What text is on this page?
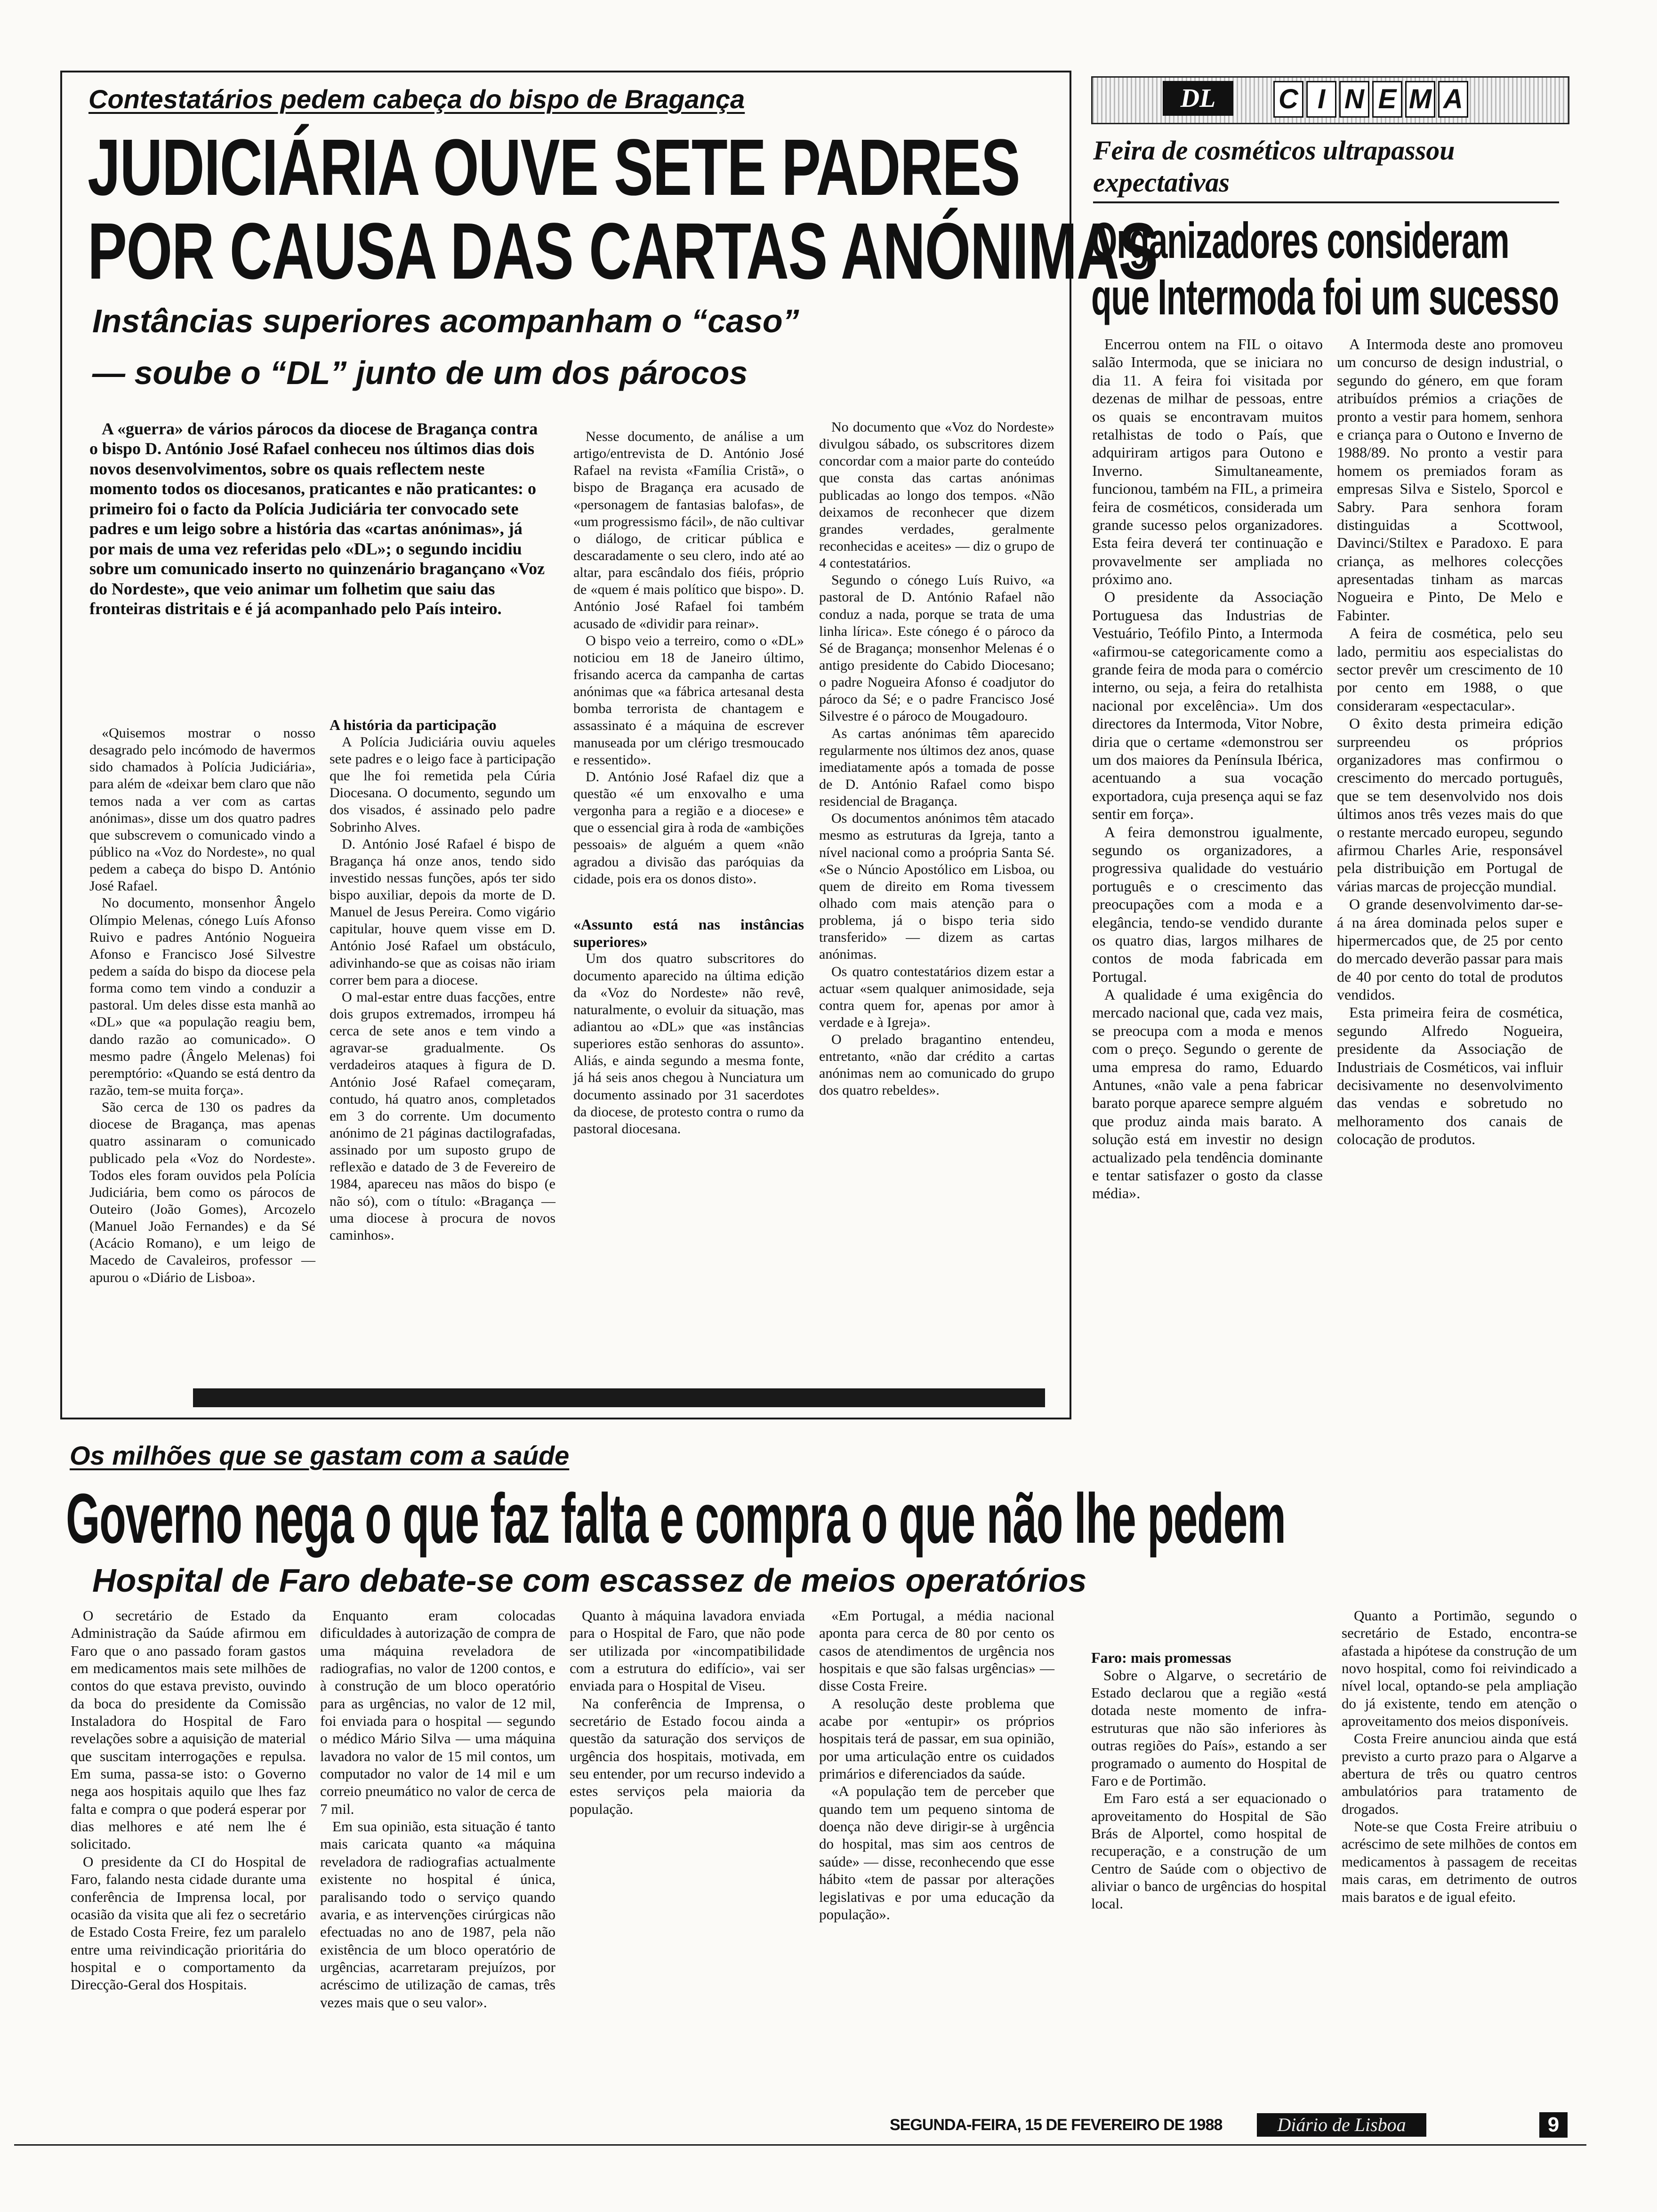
Contestatários pedem cabeça do bispo de Bragança
JUDICIÁRIA OUVE SETE PADRES
POR CAUSA DAS CARTAS ANÓNIMAS
Instâncias superiores acompanham o “caso”
— soube o “DL” junto de um dos párocos

A «guerra» de vários párocos da diocese de Bragança contra o bispo D. António José Rafael conheceu nos últimos dias dois novos desenvolvimentos, sobre os quais reflectem neste momento todos os diocesanos, praticantes e não praticantes: o primeiro foi o facto da Polícia Judiciária ter convocado sete padres e um leigo sobre a história das «cartas anónimas», já por mais de uma vez referidas pelo «DL»; o segundo incidiu sobre um comunicado inserto no quinzenário bragançano «Voz do Nordeste», que veio animar um folhetim que saiu das fronteiras distritais e é já acompanhado pelo País inteiro.

«Quisemos mostrar o nosso desagrado pelo incómodo de havermos sido chamados à Polícia Judiciária», para além de «deixar bem claro que não temos nada a ver com as cartas anónimas», disse um dos quatro padres que subscrevem o comunicado vindo a público na «Voz do Nordeste», no qual pedem a cabeça do bispo D. António José Rafael.

No documento, monsenhor Ângelo Olímpio Melenas, cónego Luís Afonso Ruivo e padres António Nogueira Afonso e Francisco José Silvestre pedem a saída do bispo da diocese pela forma como tem vindo a conduzir a pastoral. Um deles disse esta manhã ao «DL» que «a população reagiu bem, dando razão ao comunicado». O mesmo padre (Ângelo Melenas) foi peremptório: «Quando se está dentro da razão, tem-se muita força».

São cerca de 130 os padres da diocese de Bragança, mas apenas quatro assinaram o comunicado publicado pela «Voz do Nordeste». Todos eles foram ouvidos pela Polícia Judiciária, bem como os párocos de Outeiro (João Gomes), Arcozelo (Manuel João Fernandes) e da Sé (Acácio Romano), e um leigo de Macedo de Cavaleiros, professor — apurou o «Diário de Lisboa».

A história da participação

A Polícia Judiciária ouviu aqueles sete padres e o leigo face à participação que lhe foi remetida pela Cúria Diocesana. O documento, segundo um dos visados, é assinado pelo padre Sobrinho Alves.

D. António José Rafael é bispo de Bragança há onze anos, tendo sido investido nessas funções, após ter sido bispo auxiliar, depois da morte de D. Manuel de Jesus Pereira. Como vigário capitular, houve quem visse em D. António José Rafael um obstáculo, adivinhando-se que as coisas não iriam correr bem para a diocese.

O mal-estar entre duas facções, entre dois grupos extremados, irrompeu há cerca de sete anos e tem vindo a agravar-se gradualmente. Os verdadeiros ataques à figura de D. António José Rafael começaram, contudo, há quatro anos, completados em 3 do corrente. Um documento anónimo de 21 páginas dactilografadas, assinado por um suposto grupo de reflexão e datado de 3 de Fevereiro de 1984, apareceu nas mãos do bispo (e não só), com o título: «Bragança — uma diocese à procura de novos caminhos».

Nesse documento, de análise a um artigo/entrevista de D. António José Rafael na revista «Família Cristã», o bispo de Bragança era acusado de «personagem de fantasias balofas», de «um progressismo fácil», de não cultivar o diálogo, de criticar pública e descaradamente o seu clero, indo até ao altar, para escândalo dos fiéis, próprio de «quem é mais político que bispo». D. António José Rafael foi também acusado de «dividir para reinar».

O bispo veio a terreiro, como o «DL» noticiou em 18 de Janeiro último, frisando acerca da campanha de cartas anónimas que «a fábrica artesanal desta bomba terrorista de chantagem e assassinato é a máquina de escrever manuseada por um clérigo tresmoucado e ressentido».

D. António José Rafael diz que a questão «é um enxovalho e uma vergonha para a região e a diocese» e que o essencial gira à roda de «ambições pessoais» de alguém a quem «não agradou a divisão das paróquias da cidade, pois era os donos disto».

«Assunto está nas instâncias superiores»

Um dos quatro subscritores do documento aparecido na última edição da «Voz do Nordeste» não revê, naturalmente, o evoluir da situação, mas adiantou ao «DL» que «as instâncias superiores estão senhoras do assunto». Aliás, e ainda segundo a mesma fonte, já há seis anos chegou à Nunciatura um documento assinado por 31 sacerdotes da diocese, de protesto contra o rumo da pastoral diocesana.

No documento que «Voz do Nordeste» divulgou sábado, os subscritores dizem concordar com a maior parte do conteúdo que consta das cartas anónimas publicadas ao longo dos tempos. «Não deixamos de reconhecer que dizem grandes verdades, geralmente reconhecidas e aceites» — diz o grupo de 4 contestatários.

Segundo o cónego Luís Ruivo, «a pastoral de D. António Rafael não conduz a nada, porque se trata de uma linha lírica». Este cónego é o pároco da Sé de Bragança; monsenhor Melenas é o antigo presidente do Cabido Diocesano; o padre Nogueira Afonso é coadjutor do pároco da Sé; e o padre Francisco José Silvestre é o pároco de Mougadouro.

As cartas anónimas têm aparecido regularmente nos últimos dez anos, quase imediatamente após a tomada de posse de D. António Rafael como bispo residencial de Bragança.

Os documentos anónimos têm atacado mesmo as estruturas da Igreja, tanto a nível nacional como a proópria Santa Sé. «Se o Núncio Apostólico em Lisboa, ou quem de direito em Roma tivessem olhado com mais atenção para o problema, já o bispo teria sido transferido» — dizem as cartas anónimas.

Os quatro contestatários dizem estar a actuar «sem qualquer animosidade, seja contra quem for, apenas por amor à verdade e à Igreja».

O prelado bragantino entendeu, entretanto, «não dar crédito a cartas anónimas nem ao comunicado do grupo dos quatro rebeldes».

DL	C I N E M A
Feira de cosméticos ultrapassou
expectativas
Organizadores consideram
que Intermoda foi um sucesso

Encerrou ontem na FIL o oitavo salão Intermoda, que se iniciara no dia 11. A feira foi visitada por dezenas de milhar de pessoas, entre os quais se encontravam muitos retalhistas de todo o País, que adquiriram artigos para Outono e Inverno. Simultaneamente, funcionou, também na FIL, a primeira feira de cosméticos, considerada um grande sucesso pelos organizadores. Esta feira deverá ter continuação e provavelmente ser ampliada no próximo ano.

O presidente da Associação Portuguesa das Industrias de Vestuário, Teófilo Pinto, a Intermoda «afirmou-se categoricamente como a grande feira de moda para o comércio interno, ou seja, a feira do retalhista nacional por excelência». Um dos directores da Intermoda, Vitor Nobre, diria que o certame «demonstrou ser um dos maiores da Península Ibérica, acentuando a sua vocação exportadora, cuja presença aqui se faz sentir em força».

A feira demonstrou igualmente, segundo os organizadores, a progressiva qualidade do vestuário português e o crescimento das preocupações com a moda e a elegância, tendo-se vendido durante os quatro dias, largos milhares de contos de moda fabricada em Portugal.

A qualidade é uma exigência do mercado nacional que, cada vez mais, se preocupa com a moda e menos com o preço. Segundo o gerente de uma empresa do ramo, Eduardo Antunes, «não vale a pena fabricar barato porque aparece sempre alguém que produz ainda mais barato. A solução está em investir no design actualizado pela tendência dominante e tentar satisfazer o gosto da classe média».

A Intermoda deste ano promoveu um concurso de design industrial, o segundo do género, em que foram atribuídos prémios a criações de pronto a vestir para homem, senhora e criança para o Outono e Inverno de 1988/89. No pronto a vestir para homem os premiados foram as empresas Silva e Sistelo, Sporcol e Sabry. Para senhora foram distinguidas a Scottwool, Davinci/Stiltex e Paradoxo. E para criança, as melhores colecções apresentadas tinham as marcas Nogueira e Pinto, De Melo e Fabinter.

A feira de cosmética, pelo seu lado, permitiu aos especialistas do sector prevêr um crescimento de 10 por cento em 1988, o que consideraram «espectacular».

O êxito desta primeira edição surpreendeu os próprios organizadores mas confirmou o crescimento do mercado português, que se tem desenvolvido nos dois últimos anos três vezes mais do que o restante mercado europeu, segundo afirmou Charles Arie, responsável pela distribuição em Portugal de várias marcas de projecção mundial.

O grande desenvolvimento dar-se-á na área dominada pelos super e hipermercados que, de 25 por cento do mercado deverão passar para mais de 40 por cento do total de produtos vendidos.

Esta primeira feira de cosmética, segundo Alfredo Nogueira, presidente da Associação de Industriais de Cosméticos, vai influir decisivamente no desenvolvimento das vendas e sobretudo no melhoramento dos canais de colocação de produtos.

Os milhões que se gastam com a saúde
Governo nega o que faz falta e compra o que não lhe pedem
Hospital de Faro debate-se com escassez de meios operatórios

O secretário de Estado da Administração da Saúde afirmou em Faro que o ano passado foram gastos em medicamentos mais sete milhões de contos do que estava previsto, ouvindo da boca do presidente da Comissão Instaladora do Hospital de Faro revelações sobre a aquisição de material que suscitam interrogações e repulsa. Em suma, passa-se isto: o Governo nega aos hospitais aquilo que lhes faz falta e compra o que poderá esperar por dias melhores e até nem lhe é solicitado.

O presidente da CI do Hospital de Faro, falando nesta cidade durante uma conferência de Imprensa local, por ocasião da visita que ali fez o secretário de Estado Costa Freire, fez um paralelo entre uma reivindicação prioritária do hospital e o comportamento da Direcção-Geral dos Hospitais.

Enquanto eram colocadas dificuldades à autorização de compra de uma máquina reveladora de radiografias, no valor de 1200 contos, e à construção de um bloco operatório para as urgências, no valor de 12 mil, foi enviada para o hospital — segundo o médico Mário Silva — uma máquina lavadora no valor de 15 mil contos, um computador no valor de 14 mil e um correio pneumático no valor de cerca de 7 mil.

Em sua opinião, esta situação é tanto mais caricata quanto «a máquina reveladora de radiografias actualmente existente no hospital é única, paralisando todo o serviço quando avaria, e as intervenções cirúrgicas não efectuadas no ano de 1987, pela não existência de um bloco operatório de urgências, acarretaram prejuízos, por acréscimo de utilização de camas, três vezes mais que o seu valor».

Quanto à máquina lavadora enviada para o Hospital de Faro, que não pode ser utilizada por «incompatibilidade com a estrutura do edifício», vai ser enviada para o Hospital de Viseu.

Na conferência de Imprensa, o secretário de Estado focou ainda a questão da saturação dos serviços de urgência dos hospitais, motivada, em seu entender, por um recurso indevido a estes serviços pela maioria da população.

«Em Portugal, a média nacional aponta para cerca de 80 por cento os casos de atendimentos de urgência nos hospitais e que são falsas urgências» — disse Costa Freire.

A resolução deste problema que acabe por «entupir» os próprios hospitais terá de passar, em sua opinião, por uma articulação entre os cuidados primários e diferenciados da saúde.

«A população tem de perceber que quando tem um pequeno sintoma de doença não deve dirigir-se à urgência do hospital, mas sim aos centros de saúde» — disse, reconhecendo que esse hábito «tem de passar por alterações legislativas e por uma educação da população».

Faro: mais promessas

Sobre o Algarve, o secretário de Estado declarou que a região «está dotada neste momento de infra-estruturas que não são inferiores às outras regiões do País», estando a ser programado o aumento do Hospital de Faro e de Portimão.

Em Faro está a ser equacionado o aproveitamento do Hospital de São Brás de Alportel, como hospital de recuperação, e a construção de um Centro de Saúde com o objectivo de aliviar o banco de urgências do hospital local.

Quanto a Portimão, segundo o secretário de Estado, encontra-se afastada a hipótese da construção de um novo hospital, como foi reivindicado a nível local, optando-se pela ampliação do já existente, tendo em atenção o aproveitamento dos meios disponíveis.

Costa Freire anunciou ainda que está previsto a curto prazo para o Algarve a abertura de três ou quatro centros ambulatórios para tratamento de drogados.

Note-se que Costa Freire atribuiu o acréscimo de sete milhões de contos em medicamentos à passagem de receitas mais caras, em detrimento de outros mais baratos e de igual efeito.

SEGUNDA-FEIRA, 15 DE FEVEREIRO DE 1988	Diário de Lisboa	9
